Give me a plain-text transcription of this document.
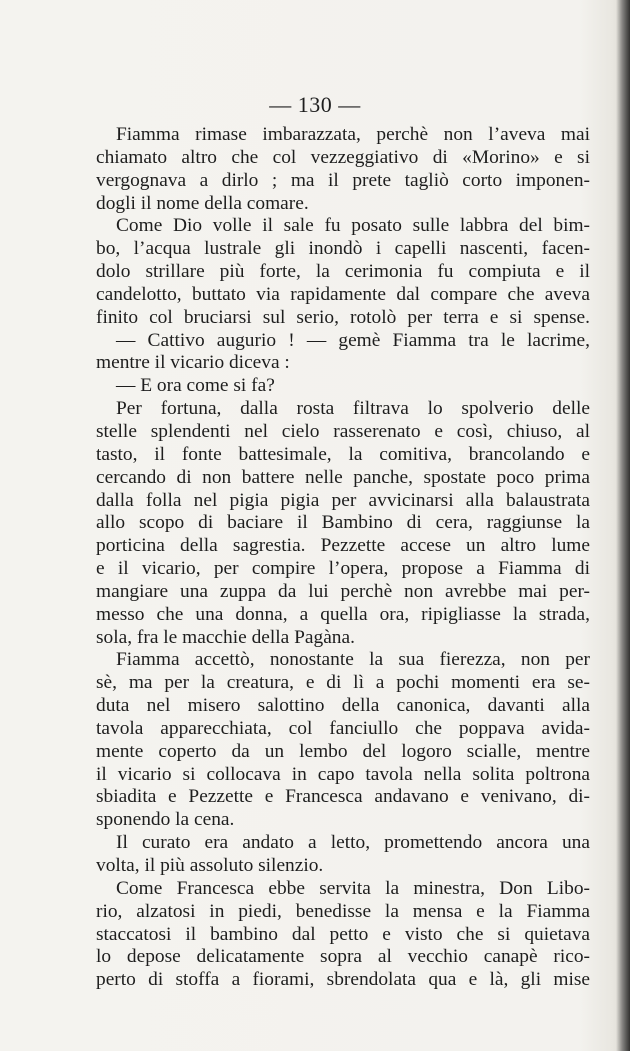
— 130 —
Fiamma rimase imbarazzata, perchè non l’aveva mai
chiamato altro che col vezzeggiativo di «Morino» e si
vergognava a dirlo ; ma il prete tagliò corto imponen-
dogli il nome della comare.
Come Dio volle il sale fu posato sulle labbra del bim-
bo, l’acqua lustrale gli inondò i capelli nascenti, facen-
dolo strillare più forte, la cerimonia fu compiuta e il
candelotto, buttato via rapidamente dal compare che aveva
finito col bruciarsi sul serio, rotolò per terra e si spense.
— Cattivo augurio ! — gemè Fiamma tra le lacrime,
mentre il vicario diceva :
— E ora come si fa?
Per fortuna, dalla rosta filtrava lo spolverio delle
stelle splendenti nel cielo rasserenato e così, chiuso, al
tasto, il fonte battesimale, la comitiva, brancolando e
cercando di non battere nelle panche, spostate poco prima
dalla folla nel pigia pigia per avvicinarsi alla balaustrata
allo scopo di baciare il Bambino di cera, raggiunse la
porticina della sagrestia. Pezzette accese un altro lume
e il vicario, per compire l’opera, propose a Fiamma di
mangiare una zuppa da lui perchè non avrebbe mai per-
messo che una donna, a quella ora, ripigliasse la strada,
sola, fra le macchie della Pagàna.
Fiamma accettò, nonostante la sua fierezza, non per
sè, ma per la creatura, e di lì a pochi momenti era se-
duta nel misero salottino della canonica, davanti alla
tavola apparecchiata, col fanciullo che poppava avida-
mente coperto da un lembo del logoro scialle, mentre
il vicario si collocava in capo tavola nella solita poltrona
sbiadita e Pezzette e Francesca andavano e venivano, di-
sponendo la cena.
Il curato era andato a letto, promettendo ancora una
volta, il più assoluto silenzio.
Come Francesca ebbe servita la minestra, Don Libo-
rio, alzatosi in piedi, benedisse la mensa e la Fiamma
staccatosi il bambino dal petto e visto che si quietava
lo depose delicatamente sopra al vecchio canapè rico-
perto di stoffa a fiorami, sbrendolata qua e là, gli mise
